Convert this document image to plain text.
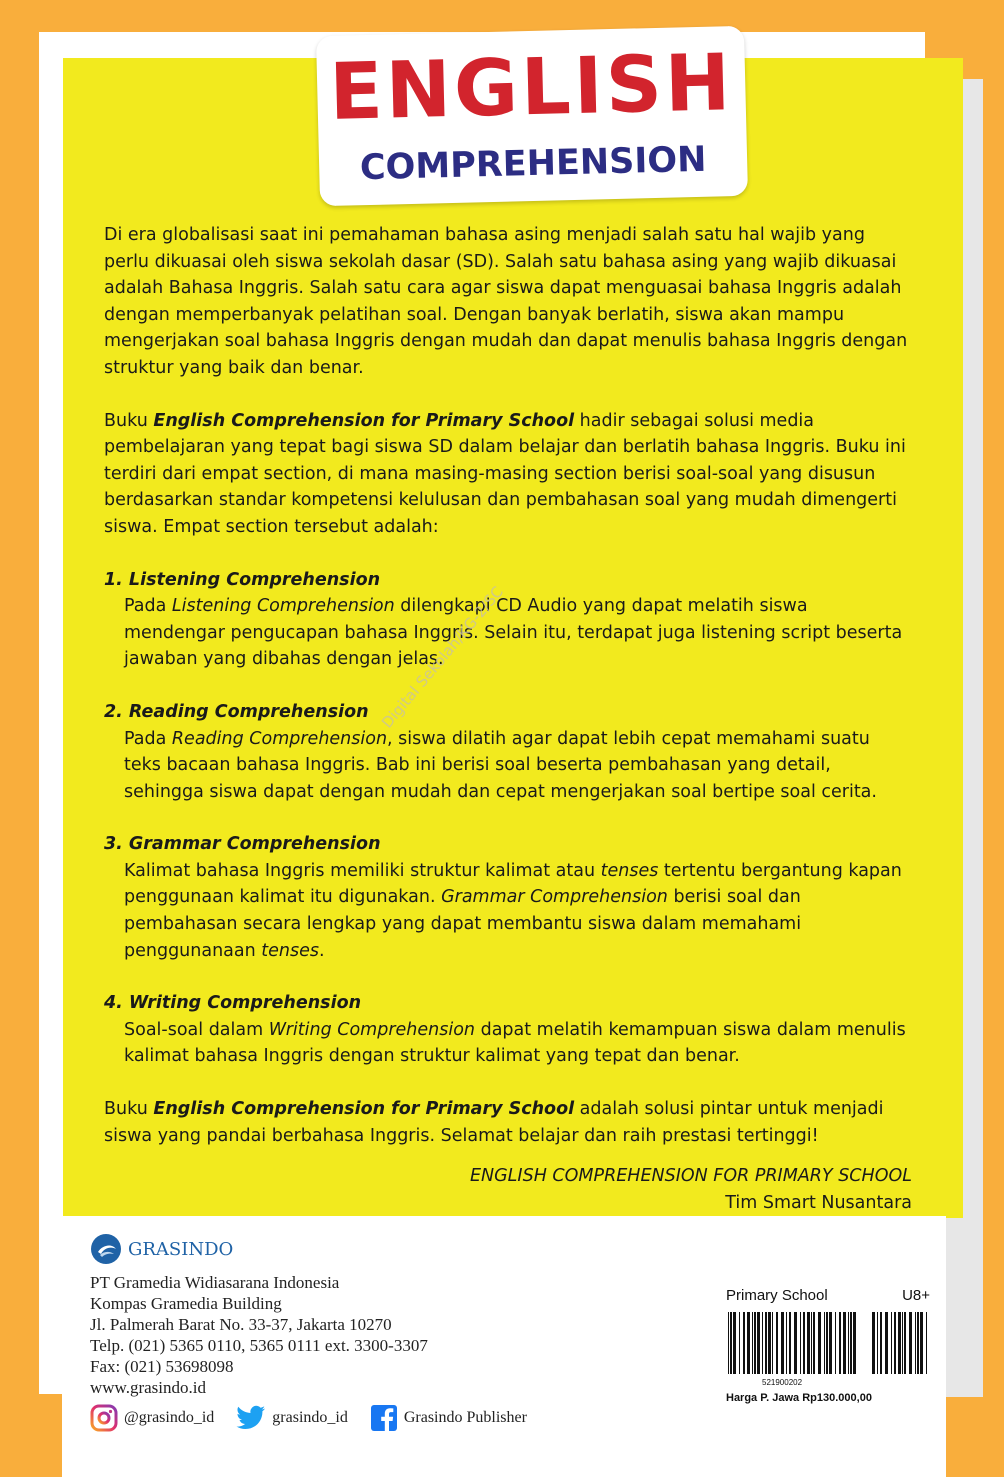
ENGLISH
COMPREHENSION

Di era globalisasi saat ini pemahaman bahasa asing menjadi salah satu hal wajib yang perlu dikuasai oleh siswa sekolah dasar (SD). Salah satu bahasa asing yang wajib dikuasai adalah Bahasa Inggris. Salah satu cara agar siswa dapat menguasai bahasa Inggris adalah dengan memperbanyak pelatihan soal. Dengan banyak berlatih, siswa akan mampu mengerjakan soal bahasa Inggris dengan mudah dan dapat menulis bahasa Inggris dengan struktur yang baik dan benar.

Buku English Comprehension for Primary School hadir sebagai solusi media pembelajaran yang tepat bagi siswa SD dalam belajar dan berlatih bahasa Inggris. Buku ini terdiri dari empat section, di mana masing-masing section berisi soal-soal yang disusun berdasarkan standar kompetensi kelulusan dan pembahasan soal yang mudah dimengerti siswa. Empat section tersebut adalah:

1. Listening Comprehension

Pada Listening Comprehension dilengkapi CD Audio yang dapat melatih siswa mendengar pengucapan bahasa Inggris. Selain itu, terdapat juga listening script beserta jawaban yang dibahas dengan jelas.

2. Reading Comprehension

Pada Reading Comprehension, siswa dilatih agar dapat lebih cepat memahami suatu teks bacaan bahasa Inggris. Bab ini berisi soal beserta pembahasan yang detail, sehingga siswa dapat dengan mudah dan cepat mengerjakan soal bertipe soal cerita.

3. Grammar Comprehension

Kalimat bahasa Inggris memiliki struktur kalimat atau tenses tertentu bergantung kapan penggunaan kalimat itu digunakan. Grammar Comprehension berisi soal dan pembahasan secara lengkap yang dapat membantu siswa dalam memahami penggunanaan tenses.

4. Writing Comprehension

Soal-soal dalam Writing Comprehension dapat melatih kemampuan siswa dalam menulis kalimat bahasa Inggris dengan struktur kalimat yang tepat dan benar.

Buku English Comprehension for Primary School adalah solusi pintar untuk menjadi siswa yang pandai berbahasa Inggris. Selamat belajar dan raih prestasi tertinggi!

ENGLISH COMPREHENSION FOR PRIMARY SCHOOL

Tim Smart Nusantara

Digital Sekolah/KG-2/SC
GRASINDO
PT Gramedia Widiasarana Indonesia
Kompas Gramedia Building
Jl. Palmerah Barat No. 33-37, Jakarta 10270
Telp. (021) 5365 0110, 5365 0111 ext. 3300-3307
Fax: (021) 53698098
www.grasindo.id
@grasindo_id	grasindo_id	Grasindo Publisher
Primary School	U8+
521900202
Harga P. Jawa Rp130.000,00
